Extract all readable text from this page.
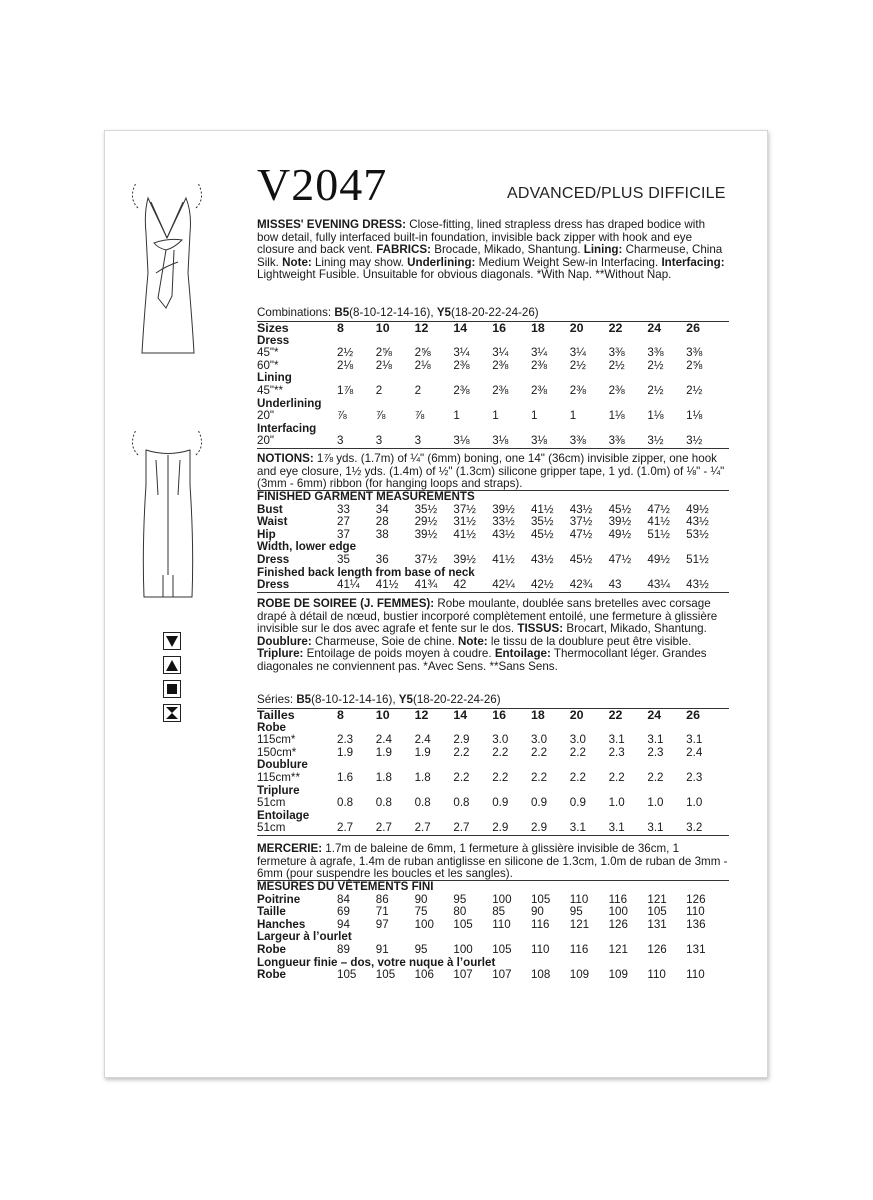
V2047	ADVANCED/PLUS DIFFICILE
MISSES' EVENING DRESS: Close-fitting, lined strapless dress has draped bodice with bow detail, fully interfaced built-in foundation, invisible back zipper with hook and eye closure and back vent. FABRICS: Brocade, Mikado, Shantung. Lining: Charmeuse, China Silk. Note: Lining may show. Underlining: Medium Weight Sew-in Interfacing. Interfacing: Lightweight Fusible. Unsuitable for obvious diagonals. *With Nap. **Without Nap.
Combinations: B5(8-10-12-14-16), Y5(18-20-22-24-26)
Sizes	8	10	12	14	16	18	20	22	24	26
Dress
45"*	2½	2⅝	2⅝	3¼	3¼	3¼	3¼	3⅜	3⅜	3⅜
60"*	2⅛	2⅛	2⅛	2⅜	2⅜	2⅜	2½	2½	2½	2⅝
Lining
45"**	1⅞	2	2	2⅜	2⅜	2⅜	2⅜	2⅜	2½	2½
Underlining
20"	⅞	⅞	⅞	1	1	1	1	1⅛	1⅛	1⅛
Interfacing
20"	3	3	3	3⅛	3⅛	3⅛	3⅜	3⅜	3½	3½
NOTIONS: 1⅞ yds. (1.7m) of ¼" (6mm) boning, one 14" (36cm) invisible zipper, one hook and eye closure, 1½ yds. (1.4m) of ½" (1.3cm) silicone gripper tape, 1 yd. (1.0m) of ⅛" - ¼" (3mm - 6mm) ribbon (for hanging loops and straps).
FINISHED GARMENT MEASUREMENTS
Bust	33	34	35½	37½	39½	41½	43½	45½	47½	49½
Waist	27	28	29½	31½	33½	35½	37½	39½	41½	43½
Hip	37	38	39½	41½	43½	45½	47½	49½	51½	53½
Width, lower edge
Dress	35	36	37½	39½	41½	43½	45½	47½	49½	51½
Finished back length from base of neck
Dress	41¼	41½	41¾	42	42¼	42½	42¾	43	43¼	43½
ROBE DE SOIREE (J. FEMMES): Robe moulante, doublée sans bretelles avec corsage drapé à détail de nœud, bustier incorporé complètement entoilé, une fermeture à glissière invisible sur le dos avec agrafe et fente sur le dos. TISSUS: Brocart, Mikado, Shantung. Doublure: Charmeuse, Soie de chine. Note: le tissu de la doublure peut être visible. Triplure: Entoilage de poids moyen à coudre. Entoilage: Thermocollant léger. Grandes diagonales ne conviennent pas. *Avec Sens. **Sans Sens.
Séries: B5(8-10-12-14-16), Y5(18-20-22-24-26)
Tailles	8	10	12	14	16	18	20	22	24	26
Robe
115cm*	2.3	2.4	2.4	2.9	3.0	3.0	3.0	3.1	3.1	3.1
150cm*	1.9	1.9	1.9	2.2	2.2	2.2	2.2	2.3	2.3	2.4
Doublure
115cm**	1.6	1.8	1.8	2.2	2.2	2.2	2.2	2.2	2.2	2.3
Triplure
51cm	0.8	0.8	0.8	0.8	0.9	0.9	0.9	1.0	1.0	1.0
Entoilage
51cm	2.7	2.7	2.7	2.7	2.9	2.9	3.1	3.1	3.1	3.2
MERCERIE: 1.7m de baleine de 6mm, 1 fermeture à glissière invisible de 36cm, 1 fermeture à agrafe, 1.4m de ruban antiglisse en silicone de 1.3cm, 1.0m de ruban de 3mm - 6mm (pour suspendre les boucles et les sangles).
MESURES DU VÊTEMENTS FINI
Poitrine	84	86	90	95	100	105	110	116	121	126
Taille	69	71	75	80	85	90	95	100	105	110
Hanches	94	97	100	105	110	116	121	126	131	136
Largeur à l’ourlet
Robe	89	91	95	100	105	110	116	121	126	131
Longueur finie – dos, votre nuque à l’ourlet
Robe	105	105	106	107	107	108	109	109	110	110
